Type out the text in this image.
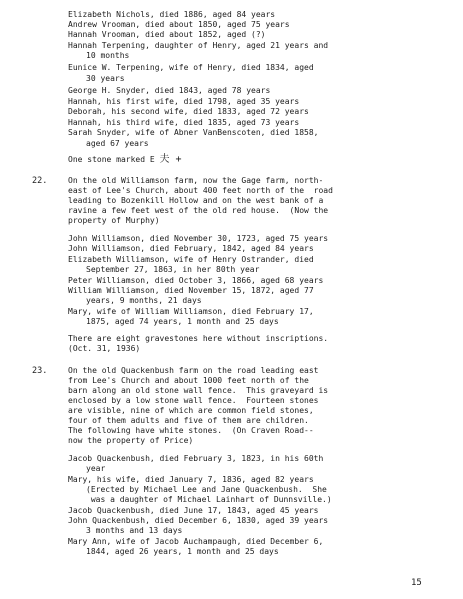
Elizabeth Nichols, died 1886, aged 84 years
Andrew Vrooman, died about 1850, aged 75 years
Hannah Vrooman, died about 1852, aged (?)
Hannah Terpening, daughter of Henry, aged 21 years and
10 months
Eunice W. Terpening, wife of Henry, died 1834, aged
30 years
George H. Snyder, died 1843, aged 78 years
Hannah, his first wife, died 1798, aged 35 years
Deborah, his second wife, died 1833, aged 72 years
Hannah, his third wife, died 1835, aged 73 years
Sarah Snyder, wife of Abner VanBenscoten, died 1858,
aged 67 years
One stone marked E 夫 +
22.	On the old Williamson farm, now the Gage farm, north-
east of Lee's Church, about 400 feet north of the  road
leading to Bozenkill Hollow and on the west bank of a
ravine a few feet west of the old red house.  (Now the
property of Murphy)
John Williamson, died November 30, 1723, aged 75 years
John Williamson, died February, 1842, aged 84 years
Elizabeth Williamson, wife of Henry Ostrander, died
September 27, 1863, in her 80th year
Peter Williamson, died October 3, 1866, aged 68 years
William Williamson, died November 15, 1872, aged 77
years, 9 months, 21 days
Mary, wife of William Williamson, died February 17,
1875, aged 74 years, 1 month and 25 days
There are eight gravestones here without inscriptions.
(Oct. 31, 1936)
23.	On the old Quackenbush farm on the road leading east
from Lee's Church and about 1000 feet north of the
barn along an old stone wall fence.  This graveyard is
enclosed by a low stone wall fence.  Fourteen stones
are visible, nine of which are common field stones,
four of them adults and five of them are children.
The following have white stones.  (On Craven Road--
now the property of Price)
Jacob Quackenbush, died February 3, 1823, in his 60th
year
Mary, his wife, died January 7, 1836, aged 82 years
(Erected by Michael Lee and Jane Quackenbush.  She
was a daughter of Michael Lainhart of Dunnsville.)
Jacob Quackenbush, died June 17, 1843, aged 45 years
John Quackenbush, died December 6, 1830, aged 39 years
3 months and 13 days
Mary Ann, wife of Jacob Auchampaugh, died December 6,
1844, aged 26 years, 1 month and 25 days
15
